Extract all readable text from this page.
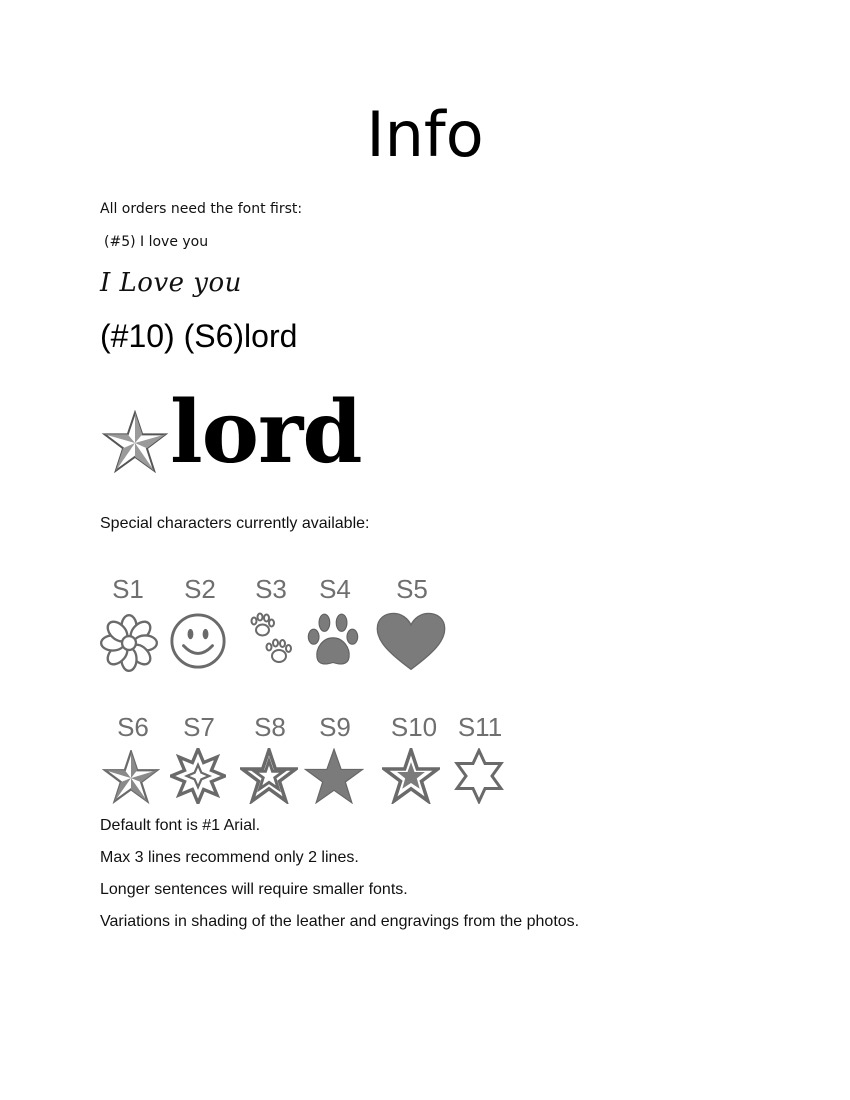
Info
All orders need the font first:
(#5) I love you
I Love you
(#10) (S6)lord
lord
Special characters currently available:
S1	S2	S3	S4	S5
S6	S7	S8	S9	S10 S11
Default font is #1 Arial.
Max 3 lines recommend only 2 lines.
Longer sentences will require smaller fonts.
Variations in shading of the leather and engravings from the photos.
